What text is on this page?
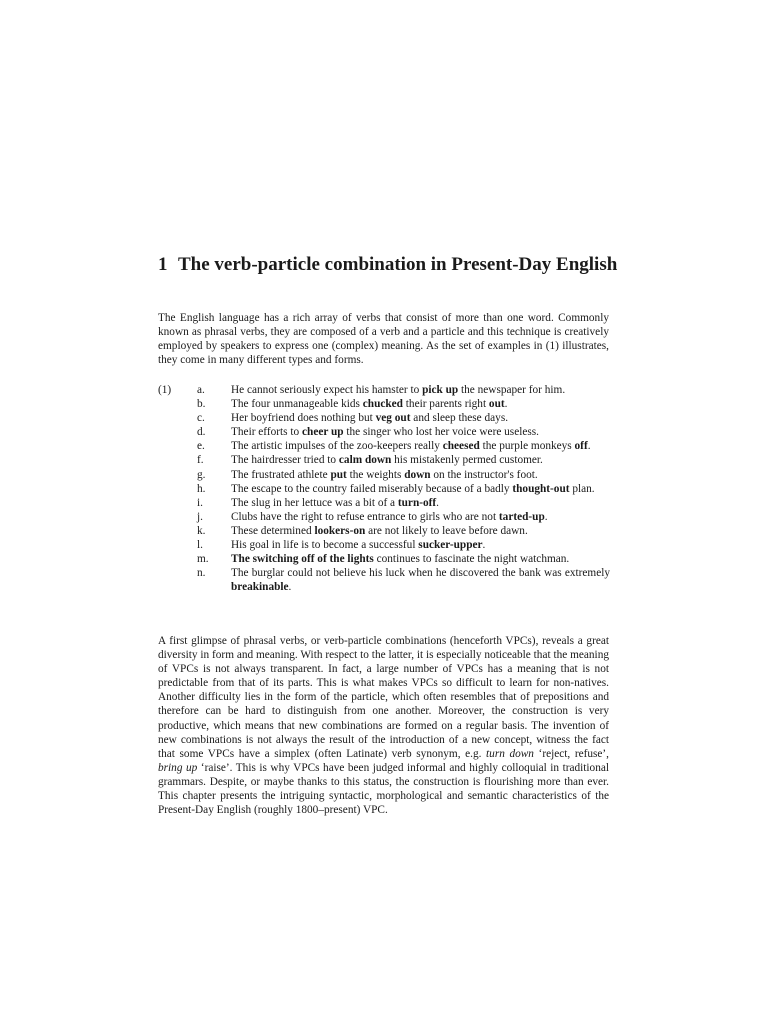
1 The verb-particle combination in Present-Day English

The English language has a rich array of verbs that consist of more than one word. Commonly known as phrasal verbs, they are composed of a verb and a particle and this technique is creatively employed by speakers to express one (complex) meaning. As the set of examples in (1) illustrates, they come in many different types and forms.

(1) a. He cannot seriously expect his hamster to pick up the newspaper for him.
b. The four unmanageable kids chucked their parents right out.
c. Her boyfriend does nothing but veg out and sleep these days.
d. Their efforts to cheer up the singer who lost her voice were useless.
e. The artistic impulses of the zoo-keepers really cheesed the purple monkeys off.
f. The hairdresser tried to calm down his mistakenly permed customer.
g. The frustrated athlete put the weights down on the instructor's foot.
h. The escape to the country failed miserably because of a badly thought-out plan.
i. The slug in her lettuce was a bit of a turn-off.
j. Clubs have the right to refuse entrance to girls who are not tarted-up.
k. These determined lookers-on are not likely to leave before dawn.
l. His goal in life is to become a successful sucker-upper.
m. The switching off of the lights continues to fascinate the night watchman.
n. The burglar could not believe his luck when he discovered the bank was extremely breakinable.

A first glimpse of phrasal verbs, or verb-particle combinations (henceforth VPCs), reveals a great diversity in form and meaning. With respect to the latter, it is especially noticeable that the meaning of VPCs is not always transparent. In fact, a large number of VPCs has a meaning that is not predictable from that of its parts. This is what makes VPCs so difficult to learn for non-natives. Another difficulty lies in the form of the particle, which often resembles that of prepositions and therefore can be hard to distinguish from one another. Moreover, the construction is very productive, which means that new combinations are formed on a regular basis. The invention of new combinations is not always the result of the introduction of a new concept, witness the fact that some VPCs have a simplex (often Latinate) verb synonym, e.g. turn down ‘reject, refuse’, bring up ‘raise’. This is why VPCs have been judged informal and highly colloquial in traditional grammars. Despite, or maybe thanks to this status, the construction is flourishing more than ever. This chapter presents the intriguing syntactic, morphological and semantic characteristics of the Present-Day English (roughly 1800–present) VPC.
